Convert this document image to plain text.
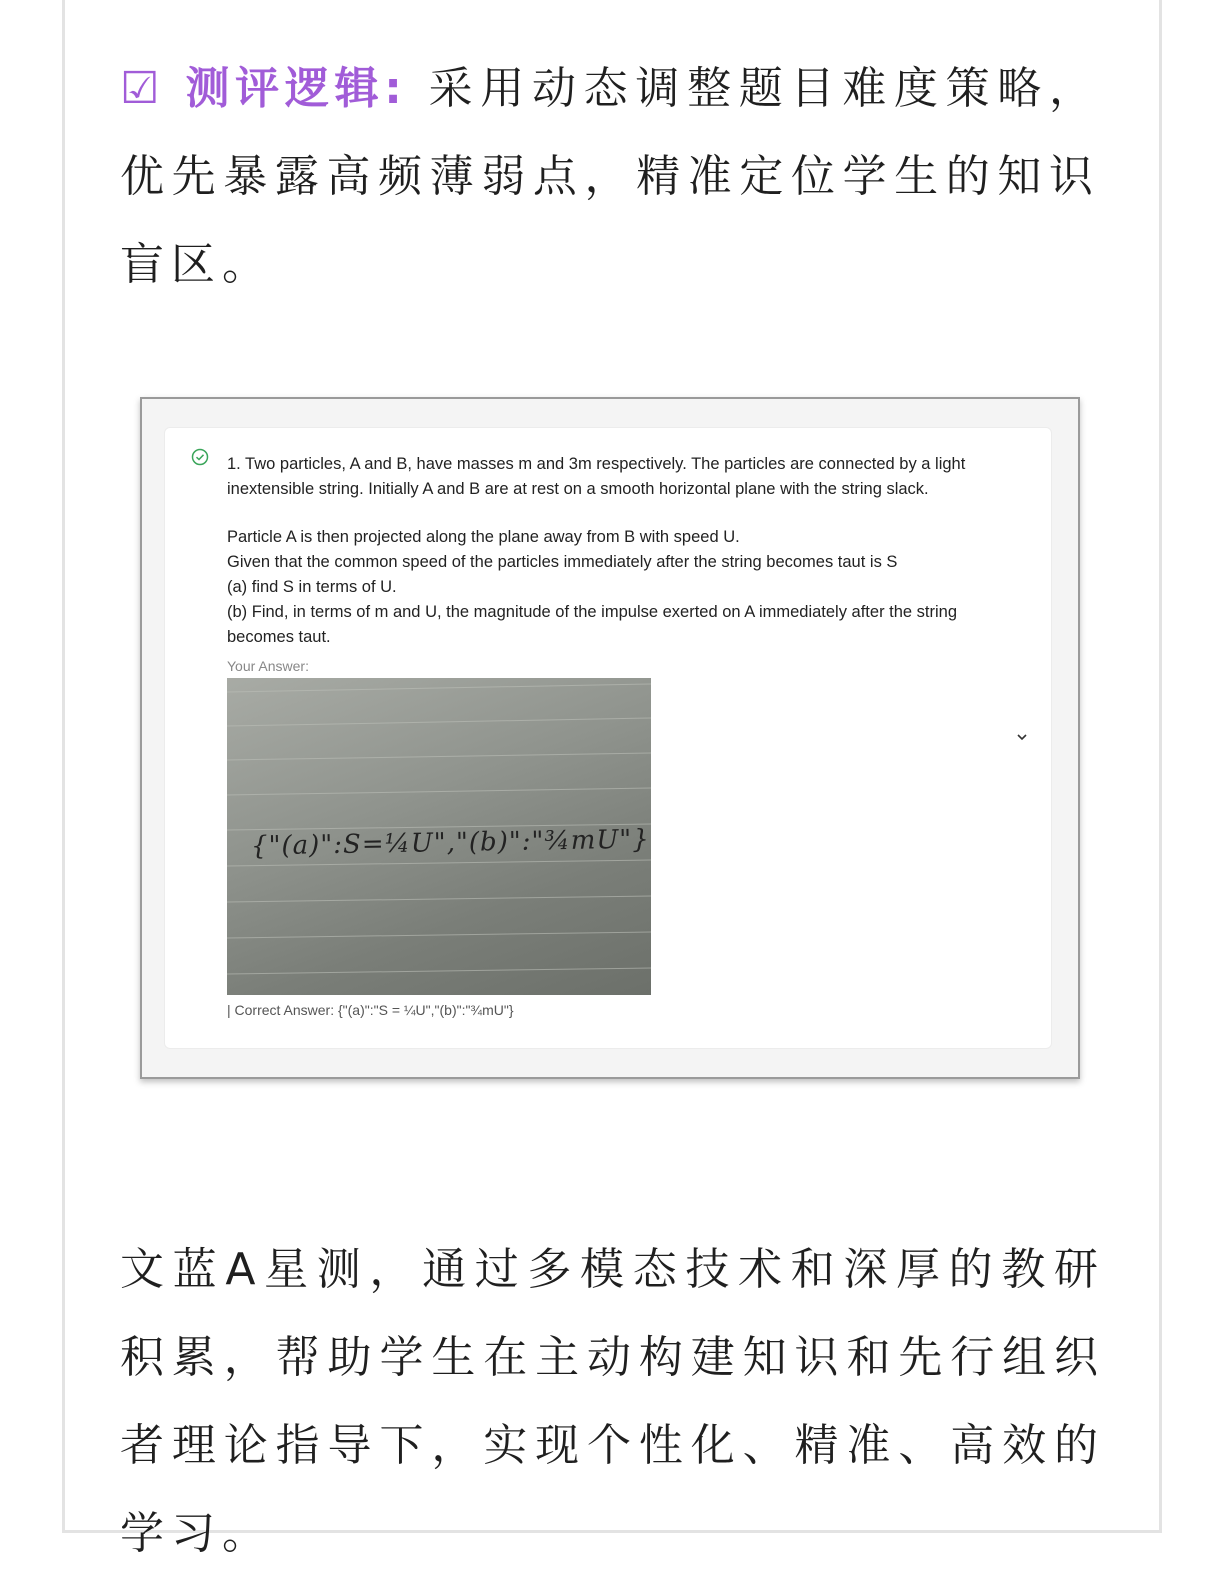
☑ 测评逻辑: 采用动态调整题目难度策略，优先暴露高频薄弱点，精准定位学生的知识盲区。

1. Two particles, A and B, have masses m and 3m respectively. The particles are connected by a light

inextensible string. Initially A and B are at rest on a smooth horizontal plane with the string slack.

Particle A is then projected along the plane away from B with speed U.

Given that the common speed of the particles immediately after the string becomes taut is S

(a) find S in terms of U.

(b) Find, in terms of m and U, the magnitude of the impulse exerted on A immediately after the string

becomes taut.

Your Answer:
{"(a)":S=¼U","(b)":"¾mU"}
| Correct Answer: {"(a)":"S = ¼U","(b)":"¾mU"}
文蓝A星测，通过多模态技术和深厚的教研积累，帮助学生在主动构建知识和先行组织者理论指导下，实现个性化、精准、高效的学习。
